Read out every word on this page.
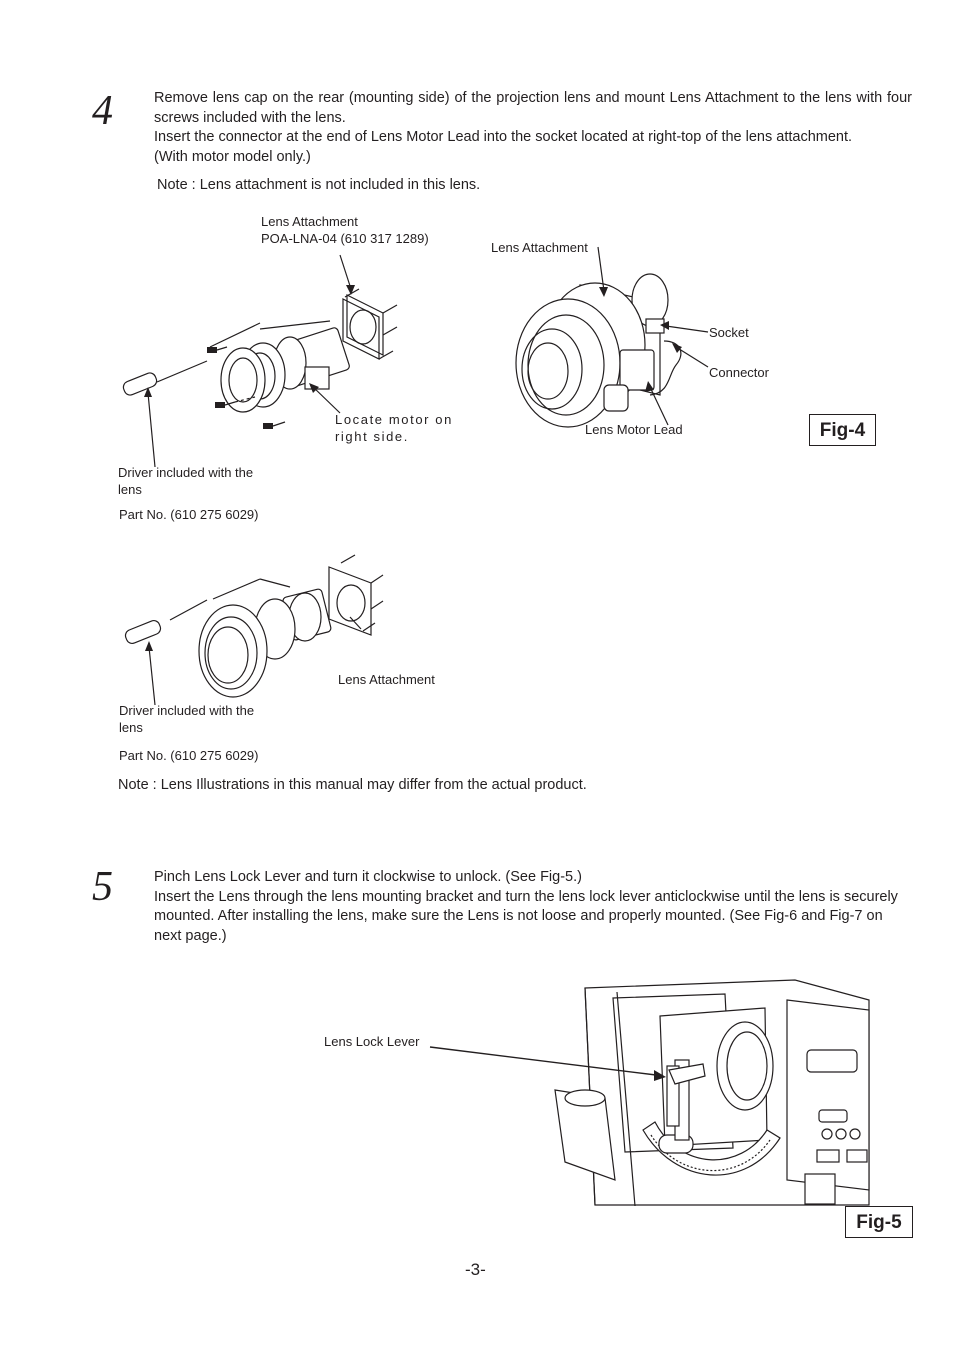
4	Remove lens cap on the rear (mounting side) of the projection lens and mount Lens Attachment to the lens with four screws included with the lens.

Insert the connector at the end of Lens Motor Lead into the socket located at right-top of the lens attachment. (With motor model only.)

Note : Lens attachment is not included in this lens.
Lens Attachment
POA-LNA-04 (610 317 1289)
Locate motor on right side.
Driver included with the lens
Part No. (610 275 6029)
Lens Attachment
Socket
Connector
Lens Motor Lead	Fig-4
Lens Attachment
Driver included with the lens
Part No. (610 275 6029)
Note : Lens Illustrations in this manual may differ from the actual product.
5	Pinch Lens Lock Lever and turn it clockwise to unlock. (See Fig-5.)

Insert the Lens through the lens mounting bracket and turn the lens lock lever anticlockwise until the lens is securely mounted. After installing the lens, make sure the Lens is not loose and properly mounted. (See Fig-6 and Fig-7 on next page.)

Lens Lock Lever
Fig-5
-3-
